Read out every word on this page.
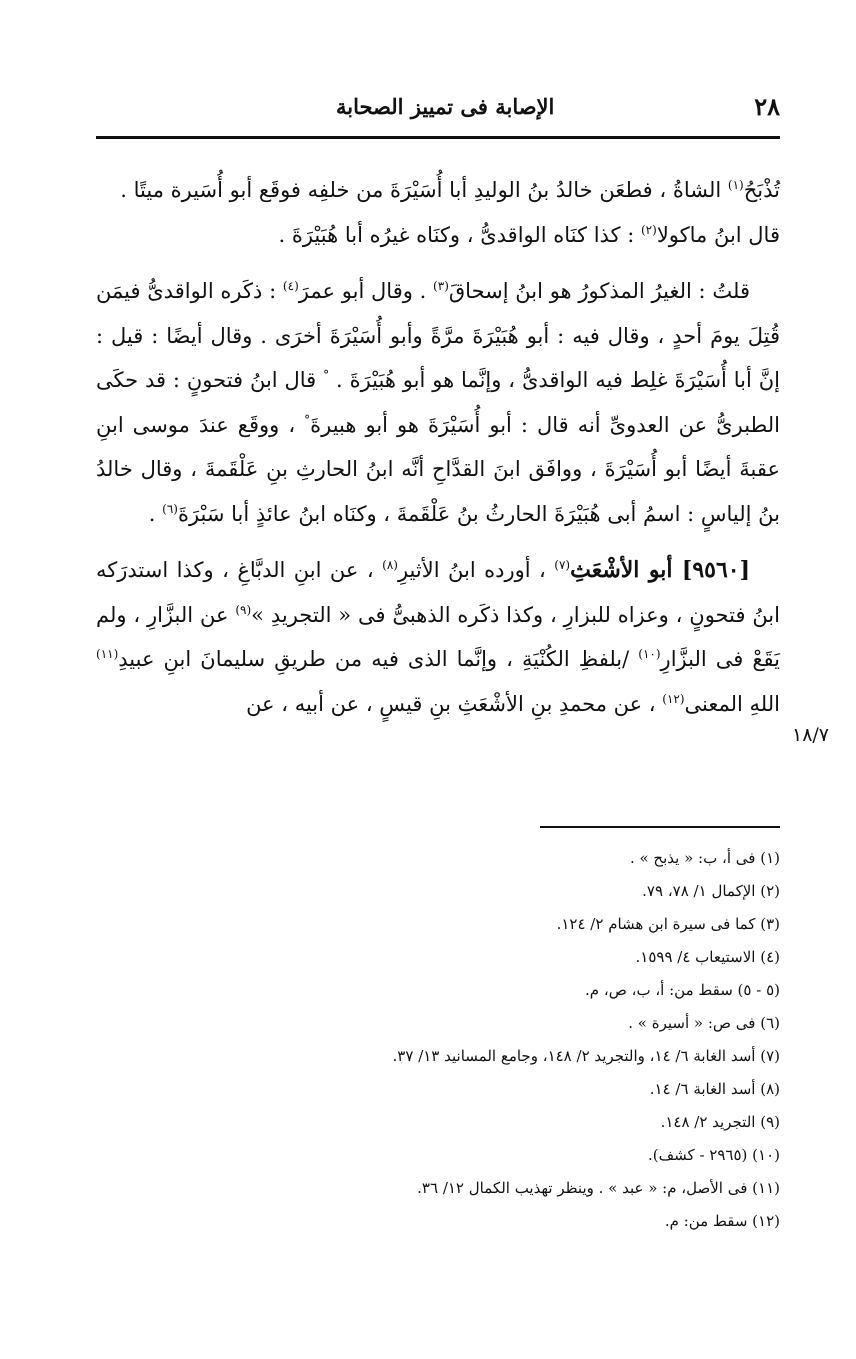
الإصابة فى تمييز الصحابة	٢٨
١٨/٧

تُذْبَحُ$^{(١)}$ الشاةُ ، فطعَن خالدُ بنُ الوليدِ أبا أُسَيْرَةَ من خلفِه فوقَع أبو أُسَيرة ميتًا .
قال ابنُ ماكولا$^{(٢)}$ : كذا كنَاه الواقدىُّ ، وكنَاه غيرُه أبا هُبَيْرَةَ .

قلتُ : الغيرُ المذكورُ هو ابنُ إسحاقَ$^{(٣)}$ . وقال أبو عمرَ$^{(٤)}$ : ذكَره الواقدىُّ فيمَن قُتِلَ يومَ أحدٍ ، وقال فيه : أبو هُبَيْرَةَ مرَّةً وأبو أُسَيْرَةَ أخرَى . وقال أيضًا : قيل : إنَّ أبا أُسَيْرَةَ غلِط فيه الواقدىُّ ، وإنَّما هو أبو هُبَيْرَةَ . ° قال ابنُ فتحونٍ : قد حكَى الطبرىُّ عن العدوىِّ أنه قال : أبو أُسَيْرَةَ هو أبو هبيرةَ° ، ووقَع عندَ موسى ابنِ عقبةَ أيضًا أبو أُسَيْرَةَ ، ووافَق ابنَ القدَّاحِ أنَّه ابنُ الحارثِ بنِ عَلْقَمةَ ، وقال خالدُ بنُ إلياسٍ : اسمُ أبى هُبَيْرَةَ الحارثُ بنُ عَلْقَمةَ ، وكنَاه ابنُ عائذٍ أبا سَبْرَةَ$^{(٦)}$ .

[٩٥٦٠] أبو الأشْعَثِ$^{(٧)}$ ، أورده ابنُ الأثيرِ$^{(٨)}$ ، عن ابنِ الدبَّاغِ ، وكذا استدرَكه ابنُ فتحونٍ ، وعزاه للبزارِ ، وكذا ذكَره الذهبىُّ فى « التجريدِ »$^{(٩)}$ عن البزَّارِ ، ولم يَقَعْ فى البزَّارِ$^{(١٠)}$ /بلفظِ الكُنْيَةِ ، وإنَّما الذى فيه من طريقِ سليمانَ ابنِ عبيدِ$^{(١١)}$ اللهِ المعنى$^{(١٢)}$ ، عن محمدِ بنِ الأشْعَثِ بنِ قيسٍ ، عن أبيه ، عن

(١) فى أ، ب: « يذبح » .
(٢) الإكمال ١/ ٧٨، ٧٩.
(٣) كما فى سيرة ابن هشام ٢/ ١٢٤.
(٤) الاستيعاب ٤/ ١٥٩٩.
(٥ - ٥) سقط من: أ، ب، ص، م.
(٦) فى ص: « أسيرة » .
(٧) أسد الغابة ٦/ ١٤، والتجريد ٢/ ١٤٨، وجامع المسانيد ١٣/ ٣٧.
(٨) أسد الغابة ٦/ ١٤.
(٩) التجريد ٢/ ١٤٨.
(١٠) (٢٩٦٥ - كشف).
(١١) فى الأصل، م: « عبد » . وينظر تهذيب الكمال ١٢/ ٣٦.
(١٢) سقط من: م.
